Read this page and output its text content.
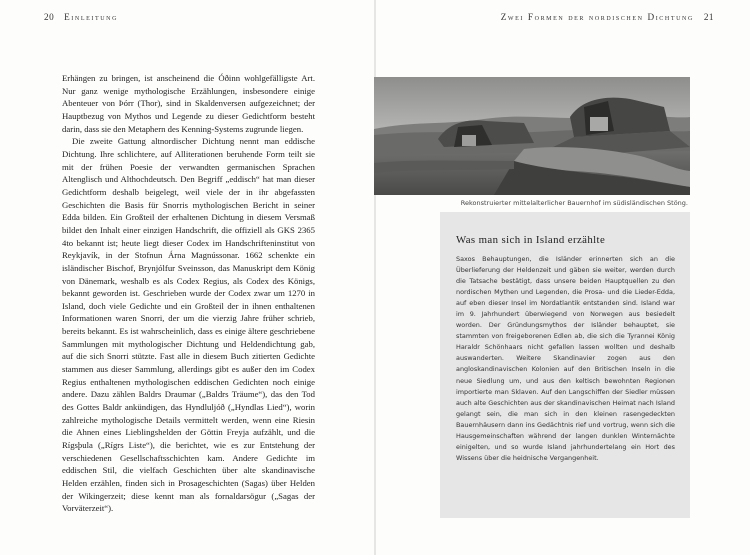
20 Einleitung	Zwei Formen der nordischen Dichtung 21

Erhängen zu bringen, ist anscheinend die Óðinn wohlgefälligste Art. Nur ganz wenige mythologische Erzählungen, insbesondere einige Abenteuer von Þórr (Thor), sind in Skaldenversen aufgezeichnet; der Hauptbezug von Mythos und Legende zu dieser Gedichtform besteht darin, dass sie den Metaphern des Kenning-Systems zugrunde liegen.

Die zweite Gattung altnordischer Dichtung nennt man eddische Dichtung. Ihre schlichtere, auf Alliterationen beruhende Form teilt sie mit der frühen Poesie der verwandten germanischen Sprachen Altenglisch und Althochdeutsch. Den Begriff „eddisch“ hat man dieser Gedichtform deshalb beigelegt, weil viele der in ihr abgefassten Geschichten die Basis für Snorris mythologischen Bericht in seiner Edda bilden. Ein Großteil der erhaltenen Dichtung in diesem Versmaß bildet den Inhalt einer einzigen Handschrift, die offiziell als GKS 2365 4to bekannt ist; heute liegt dieser Codex im Handschrifteninstitut von Reykjavík, in der Stofnun Árna Magnússonar. 1662 schenkte ein isländischer Bischof, Brynjólfur Sveinsson, das Manuskript dem König von Dänemark, weshalb es als Codex Regius, als Codex des Königs, bekannt geworden ist. Geschrieben wurde der Codex zwar um 1270 in Island, doch viele Gedichte und ein Großteil der in ihnen enthaltenen Informationen waren Snorri, der um die vierzig Jahre früher schrieb, bereits bekannt. Es ist wahrscheinlich, dass es einige ältere geschriebene Sammlungen mit mythologischer Dichtung und Heldendichtung gab, auf die sich Snorri stützte. Fast alle in diesem Buch zitierten Gedichte stammen aus dieser Sammlung, allerdings gibt es außer den im Codex Regius enthaltenen mythologischen eddischen Gedichten noch einige andere. Dazu zählen Baldrs Draumar („Baldrs Träume“), das den Tod des Gottes Baldr ankündigen, das Hyndluljóð („Hyndlas Lied“), worin zahlreiche mythologische Details vermittelt werden, wenn eine Riesin die Ahnen eines Lieblingshelden der Göttin Freyja aufzählt, und die Rígsþula („Rígrs Liste“), die berichtet, wie es zur Entstehung der verschiedenen Gesellschaftsschichten kam. Andere Gedichte im eddischen Stil, die vielfach Geschichten über alte skandinavische Helden erzählen, finden sich in Prosageschichten (Sagas) über Helden der Wikingerzeit; diese kennt man als fornaldarsögur („Sagas der Vorväterzeit“).

Rekonstruierter mittelalterlicher Bauernhof im südisländischen Stöng.
Was man sich in Island erzählte

Saxos Behauptungen, die Isländer erinnerten sich an die Überlieferung der Heldenzeit und gäben sie weiter, werden durch die Tatsache bestätigt, dass unsere beiden Hauptquellen zu den nordischen Mythen und Legenden, die Prosa- und die Lieder-Edda, auf eben dieser Insel im Nordatlantik entstanden sind. Island war im 9. Jahrhundert überwiegend von Norwegen aus besiedelt worden. Der Gründungsmythos der Isländer behauptet, sie stammten von freigeborenen Edlen ab, die sich die Tyrannei König Haraldr Schönhaars nicht gefallen lassen wollten und deshalb auswanderten. Weitere Skandinavier zogen aus den angloskandinavischen Kolonien auf den Britischen Inseln in die neue Siedlung um, und aus den keltisch bewohnten Regionen importierte man Sklaven. Auf den Langschiffen der Siedler müssen auch alte Geschichten aus der skandinavischen Heimat nach Island gelangt sein, die man sich in den kleinen rasengedeckten Bauernhäusern dann ins Gedächtnis rief und vortrug, wenn sich die Hausgemeinschaften während der langen dunklen Winternächte einigelten, und so wurde Island jahrhundertelang ein Hort des Wissens über die heidnische Vergangenheit.
